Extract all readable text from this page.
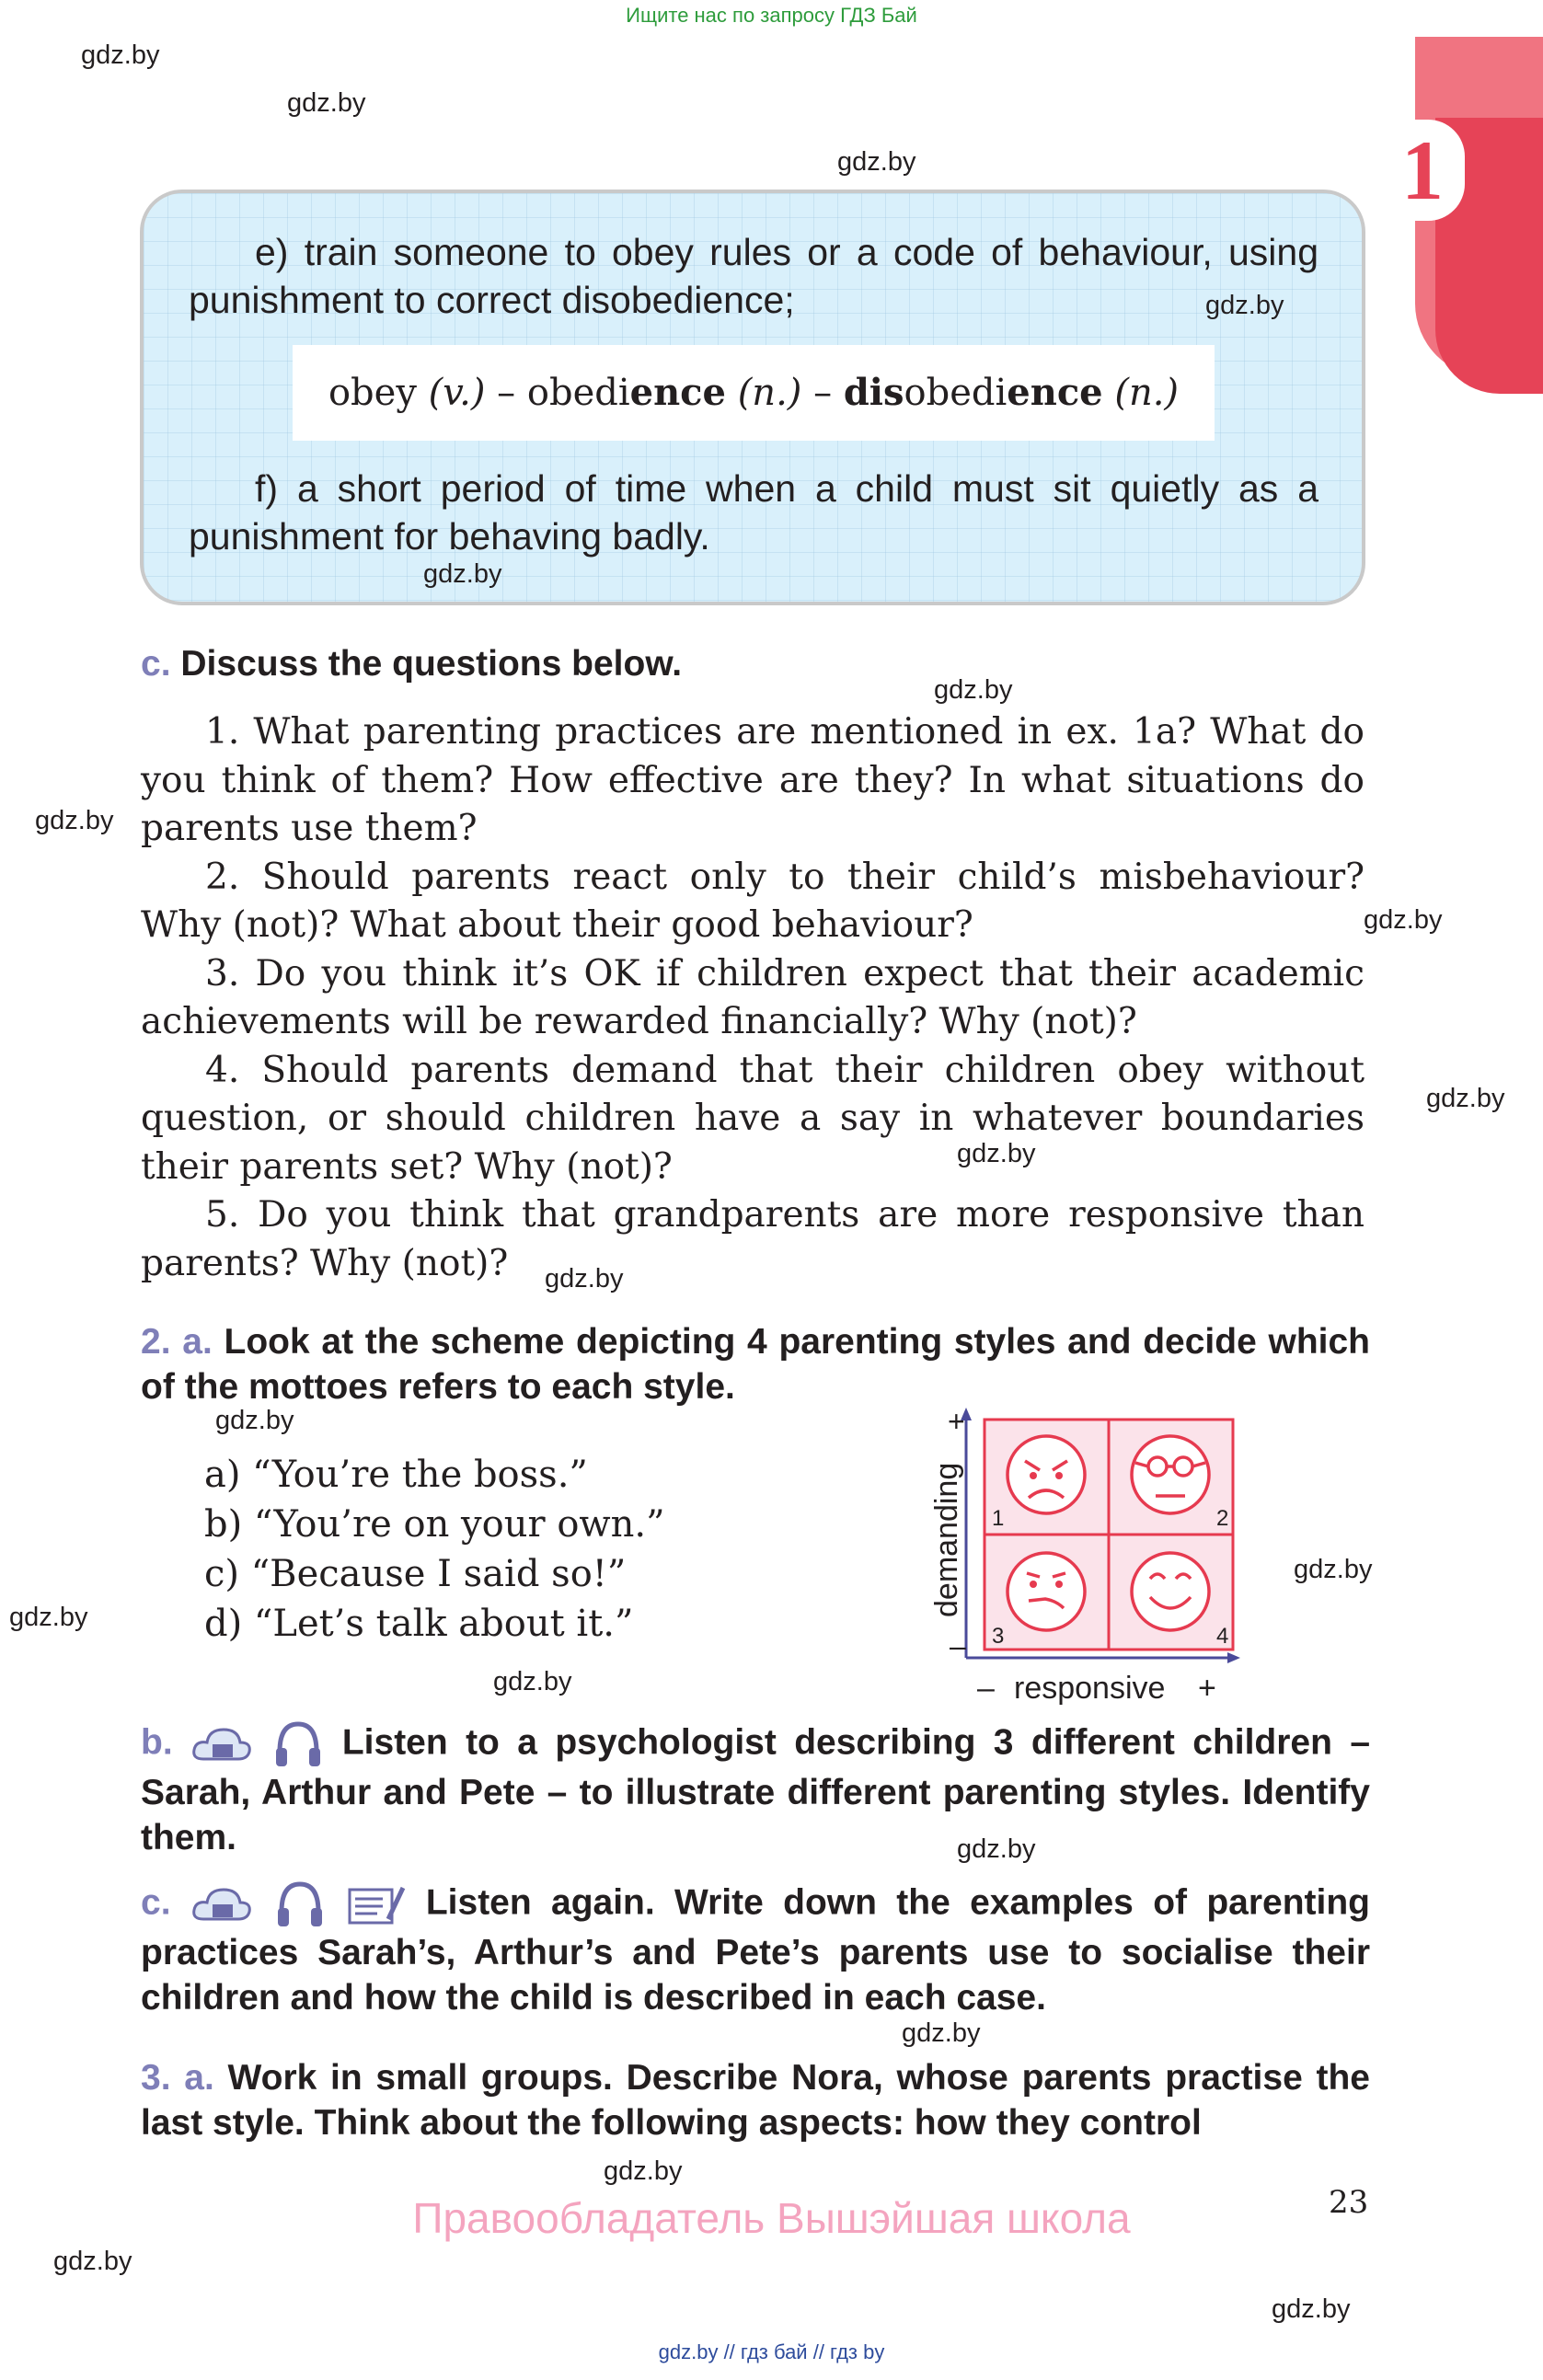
Ищите нас по запросу ГДЗ Бай
gdz.by
gdz.by
gdz.by
gdz.by
gdz.by
gdz.by
gdz.by
gdz.by
gdz.by
gdz.by
gdz.by
gdz.by
gdz.by
gdz.by
gdz.by
gdz.by
gdz.by
gdz.by
gdz.by
gdz.by
1
e) train someone to obey rules or a code of behaviour, using punishment to correct disobedience;
obey (v.) – obedience (n.) – disobedience (n.)
f) a short period of time when a child must sit quietly as a punishment for behaving badly.
c. Discuss the questions below.

1. What parenting practices are mentioned in ex. 1a? What do you think of them? How effective are they? In what situations do parents use them?

2. Should parents react only to their child’s misbehaviour? Why (not)? What about their good behaviour?

3. Do you think it’s OK if children expect that their academic achievements will be rewarded financially? Why (not)?

4. Should parents demand that their children obey without question, or should children have a say in whatever boundaries their parents set? Why (not)?

5. Do you think that grandparents are more responsive than parents? Why (not)?

2. a. Look at the scheme depicting 4 parenting styles and decide which of the mottoes refers to each style.

a) “You’re the boss.”

b) “You’re on your own.”

c) “Because I said so!”

d) “Let’s talk about it.”

1	2
3	4
+
–
demanding
– responsive +
b.	Listen to a psychologist describing 3 different children – Sarah, Arthur and Pete – to illustrate different parenting styles. Identify them.
c.	Listen again. Write down the examples of parenting practices Sarah’s, Arthur’s and Pete’s parents use to socialise their children and how the child is described in each case.
3. a. Work in small groups. Describe Nora, whose parents practise the last style. Think about the following aspects: how they control
23
Правообладатель Вышэйшая школа
gdz.by // гдз бай // гдз by
